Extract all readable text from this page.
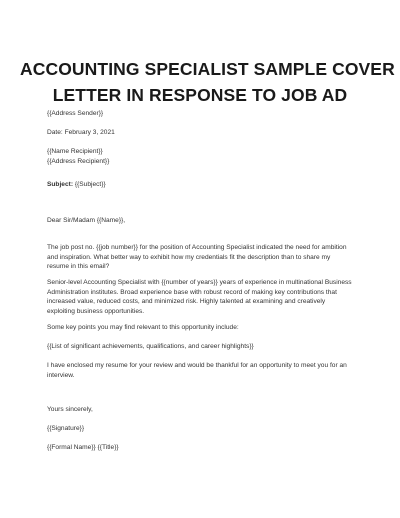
ACCOUNTING SPECIALIST SAMPLE COVER
LETTER IN RESPONSE TO JOB AD
{{Address Sender}}
Date: February 3, 2021
{{Name Recipient}}
{{Address Recipient}}
Subject: {{Subject}}
Dear Sir/Madam {{Name}},
The job post no. {{job number}} for the position of Accounting Specialist indicated the need for ambition
and inspiration. What better way to exhibit how my credentials fit the description than to share my
resume in this email?
Senior-level Accounting Specialist with {{number of years}} years of experience in multinational Business
Administration institutes. Broad experience base with robust record of making key contributions that
increased value, reduced costs, and minimized risk. Highly talented at examining and creatively
exploiting business opportunities.
Some key points you may find relevant to this opportunity include:
{{List of significant achievements, qualifications, and career highlights}}
I have enclosed my resume for your review and would be thankful for an opportunity to meet you for an
interview.
Yours sincerely,
{{Signature}}
{{Formal Name}} {{Title}}
